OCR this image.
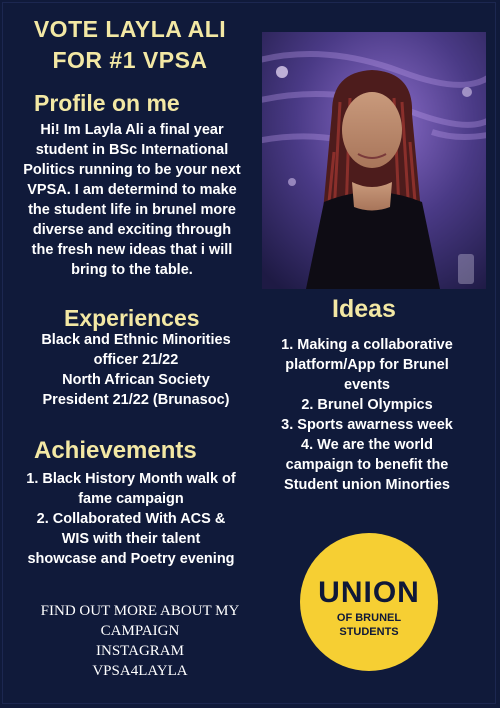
VOTE LAYLA ALI
FOR #1 VPSA
Profile on me
Hi! Im Layla Ali a final year
student in BSc International
Politics running to be your next
VPSA. I am determind to make
the student life in brunel more
diverse and exciting through
the fresh new ideas that i will
bring to the table.
Experiences
Black and Ethnic Minorities
officer 21/22
North African Society
President 21/22 (Brunasoc)
Ideas
1. Making a collaborative
platform/App for Brunel
events
2. Brunel Olympics
3. Sports awarness week
4. We are the world
campaign to benefit the
Student union Minorties
Achievements
1. Black History Month walk of
fame campaign
2. Collaborated With ACS &
WIS with their talent
showcase and Poetry evening
FIND OUT MORE ABOUT MY
CAMPAIGN
INSTAGRAM
VPSA4LAYLA
UNION
OF BRUNEL
STUDENTS
